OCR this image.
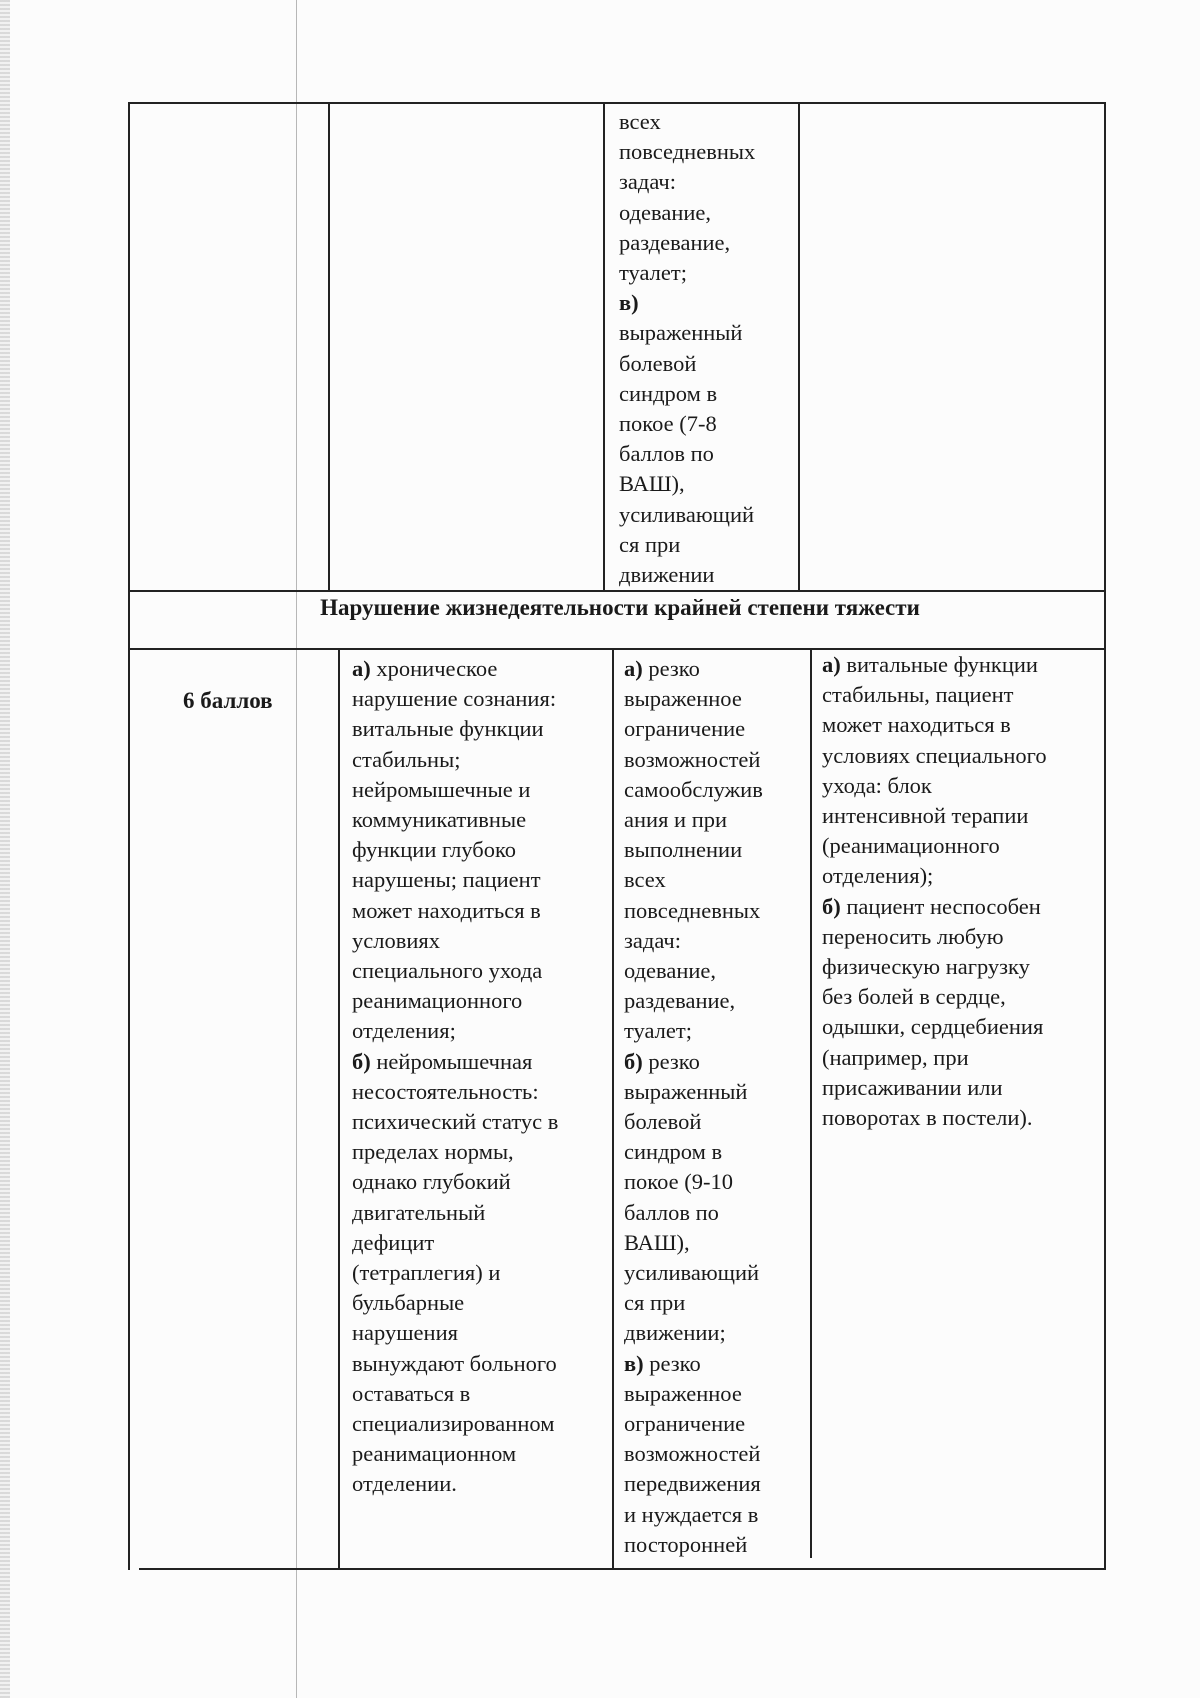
всех
повседневных
задач:
одевание,
раздевание,
туалет;
в)
выраженный
болевой
синдром в
покое (7-8
баллов по
ВАШ),
усиливающий
ся при
движении
Нарушение жизнедеятельности крайней степени тяжести
6 баллов
а) хроническое
нарушение сознания:
витальные функции
стабильны;
нейромышечные и
коммуникативные
функции глубоко
нарушены; пациент
может находиться в
условиях
специального ухода
реанимационного
отделения;
б) нейромышечная
несостоятельность:
психический статус в
пределах нормы,
однако глубокий
двигательный
дефицит
(тетраплегия) и
бульбарные
нарушения
вынуждают больного
оставаться в
специализированном
реанимационном
отделении.
а) резко
выраженное
ограничение
возможностей
самообслужив
ания и при
выполнении
всех
повседневных
задач:
одевание,
раздевание,
туалет;
б) резко
выраженный
болевой
синдром в
покое (9-10
баллов по
ВАШ),
усиливающий
ся при
движении;
в) резко
выраженное
ограничение
возможностей
передвижения
и нуждается в
посторонней
а) витальные функции
стабильны, пациент
может находиться в
условиях специального
ухода: блок
интенсивной терапии
(реанимационного
отделения);
б) пациент неспособен
переносить любую
физическую нагрузку
без болей в сердце,
одышки, сердцебиения
(например, при
присаживании или
поворотах в постели).
